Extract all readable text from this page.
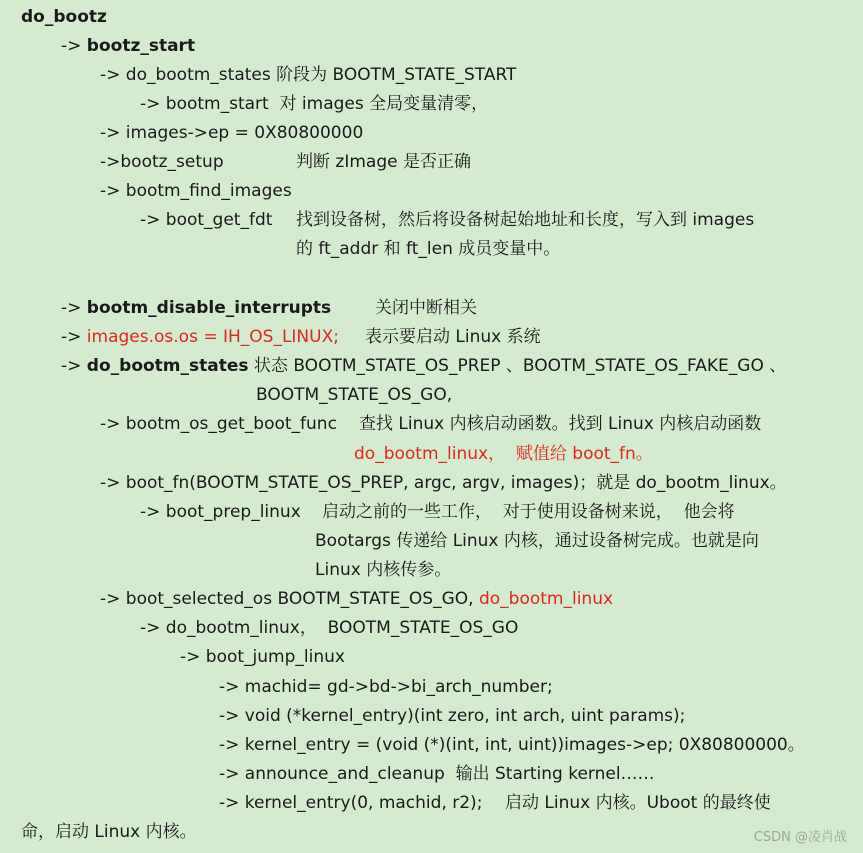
do_bootz
-> bootz_start
-> do_bootm_states 阶段为 BOOTM_STATE_START
-> bootm_start  对 images 全局变量清零，
-> images->ep = 0X80800000
->bootz_setup	判断 zImage 是否正确
-> bootm_find_images
-> boot_get_fdt 找到设备树，然后将设备树起始地址和长度，写入到 images
的 ft_addr 和 ft_len 成员变量中。
-> bootm_disable_interrupts	关闭中断相关
-> images.os.os = IH_OS_LINUX; 表示要启动 Linux 系统
-> do_bootm_states 状态 BOOTM_STATE_OS_PREP 、BOOTM_STATE_OS_FAKE_GO 、
BOOTM_STATE_OS_GO,
-> bootm_os_get_boot_func 查找 Linux 内核启动函数。找到 Linux 内核启动函数
do_bootm_linux，  赋值给 boot_fn。
-> boot_fn(BOOTM_STATE_OS_PREP, argc, argv, images)；就是 do_bootm_linux。
-> boot_prep_linux 启动之前的一些工作，  对于使用设备树来说，  他会将
Bootargs 传递给 Linux 内核，通过设备树完成。也就是向
Linux 内核传参。
-> boot_selected_os BOOTM_STATE_OS_GO, do_bootm_linux
-> do_bootm_linux，  BOOTM_STATE_OS_GO
-> boot_jump_linux
-> machid= gd->bd->bi_arch_number;
-> void (*kernel_entry)(int zero, int arch, uint params);
-> kernel_entry = (void (*)(int, int, uint))images->ep; 0X80800000。
-> announce_and_cleanup  输出 Starting kernel……
-> kernel_entry(0, machid, r2); 启动 Linux 内核。Uboot 的最终使
命，启动 Linux 内核。	CSDN @凌肖战
